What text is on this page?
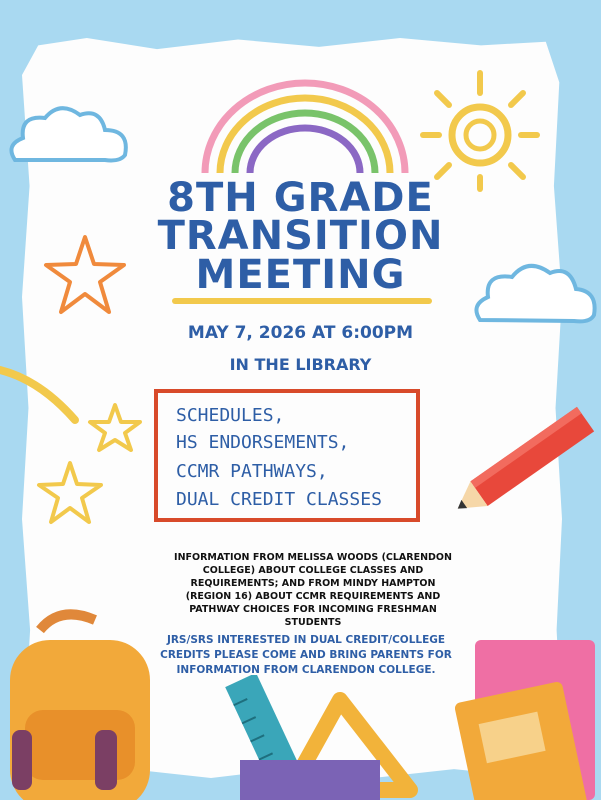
8TH GRADE
TRANSITION
MEETING
MAY 7, 2026 AT 6:00PM
IN THE LIBRARY
SCHEDULES,
HS ENDORSEMENTS,
CCMR PATHWAYS,
DUAL CREDIT CLASSES
INFORMATION FROM MELISSA WOODS (CLARENDON COLLEGE) ABOUT COLLEGE CLASSES AND REQUIREMENTS; AND FROM MINDY HAMPTON (REGION 16) ABOUT CCMR REQUIREMENTS AND PATHWAY CHOICES FOR INCOMING FRESHMAN STUDENTS
JRS/SRS INTERESTED IN DUAL CREDIT/COLLEGE CREDITS PLEASE COME AND BRING PARENTS FOR INFORMATION FROM CLARENDON COLLEGE.
